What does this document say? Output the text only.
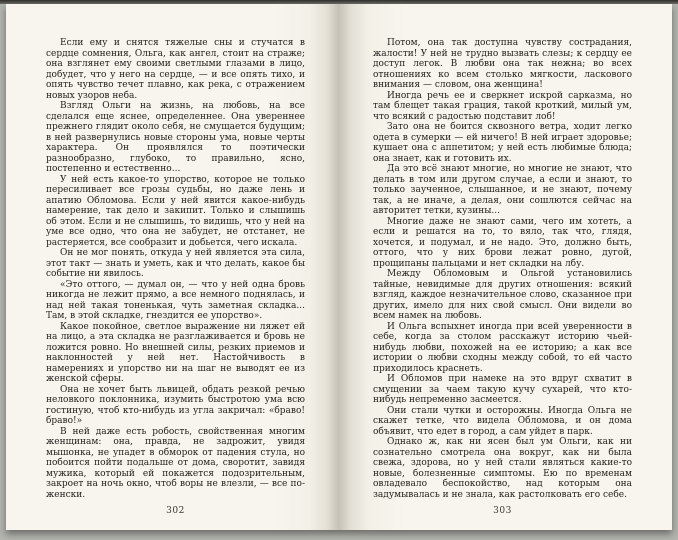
Если ему и снятся тяжелые сны и стучатся в сердце сомнения, Ольга, как ангел, стоит на страже; она взглянет ему своими светлыми глазами в лицо, добудет, что у него на сердце, — и все опять тихо, и опять чувство течет плавно, как река, с отражением новых узоров неба.

Взгляд Ольги на жизнь, на любовь, на все сделался еще яснее, определеннее. Она увереннее прежнего глядит около себя, не смущается будущим; в ней развернулись новые стороны ума, новые черты характера. Он проявлялся то поэтически разнообразно, глубоко, то правильно, ясно, постепенно и естественно...

У ней есть какое-то упорство, которое не только пересиливает все грозы судьбы, но даже лень и апатию Обломова. Если у ней явится какое-нибудь намерение, так дело и закипит. Только и слышишь об этом. Если и не слышишь, то видишь, что у ней на уме все одно, что она не забудет, не отстанет, не растеряется, все сообразит и добьется, чего искала.

Он не мог понять, откуда у ней является эта сила, этот такт — знать и уметь, как и что делать, какое бы событие ни явилось.

«Это оттого, — думал он, — что у ней одна бровь никогда не лежит прямо, а все немного поднялась, и над ней такая тоненькая, чуть заметная складка... Там, в этой складке, гнездится ее упорство».

Какое покойное, светлое выражение ни ляжет ей на лицо, а эта складка не разглаживается и бровь не ложится ровно. Но внешней силы, резких приемов и наклонностей у ней нет. Настойчивость в намерениях и упорство ни на шаг не выводят ее из женской сферы.

Она не хочет быть львицей, обдать резкой речью неловкого поклонника, изумить быстротою ума всю гостиную, чтоб кто-нибудь из угла закричал: «браво! браво!»

В ней даже есть робость, свойственная многим женщинам: она, правда, не задрожит, увидя мышонка, не упадет в обморок от падения стула, но побоится пойти подальше от дома, своротит, завидя мужика, который ей покажется подозрительным, закроет на ночь окно, чтоб воры не влезли, — все по-женски.

302

Потом, она так доступна чувству сострадания, жалости! У ней не трудно вызвать слезы; к сердцу ее доступ легок. В любви она так нежна; во всех отношениях ко всем столько мягкости, ласкового внимания — словом, она женщина!

Иногда речь ее и сверкнет искрой сарказма, но там блещет такая грация, такой кроткий, милый ум, что всякий с радостью подставит лоб!

Зато она не боится сквозного ветра, ходит легко одета в сумерки — ей ничего! В ней играет здоровье; кушает она с аппетитом; у ней есть любимые блюда; она знает, как и готовить их.

Да это всё знают многие, но многие не знают, что делать в том или другом случае, а если и знают, то только заученное, слышанное, и не знают, почему так, а не иначе, а делая, они сошлются сейчас на авторитет тетки, кузины...

Многие даже не знают сами, чего им хотеть, а если и решатся на то, то вяло, так что, глядя, хочется, и подумал, и не надо. Это, должно быть, оттого, что у них брови лежат ровно, дугой, прощипаны пальцами и нет складки на лбу.

Между Обломовым и Ольгой установились тайные, невидимые для других отношения: всякий взгляд, каждое незначительное слово, сказанное при других, имело для них свой смысл. Они видели во всем намек на любовь.

И Ольга вспыхнет иногда при всей уверенности в себе, когда за столом расскажут историю чьей-нибудь любви, похожей на ее историю; а как все истории о любви сходны между собой, то ей часто приходилось краснеть.

И Обломов при намеке на это вдруг схватит в смущении за чаем такую кучу сухарей, что кто-нибудь непременно засмеется.

Они стали чутки и осторожны. Иногда Ольга не скажет тетке, что видела Обломова, и он дома объявит, что едет в город, а сам уйдет в парк.

Однако ж, как ни ясен был ум Ольги, как ни сознательно смотрела она вокруг, как ни была свежа, здорова, но у ней стали являться какие-то новые, болезненные симптомы. Ею по временам овладевало беспокойство, над которым она задумывалась и не знала, как растолковать его себе.

303
